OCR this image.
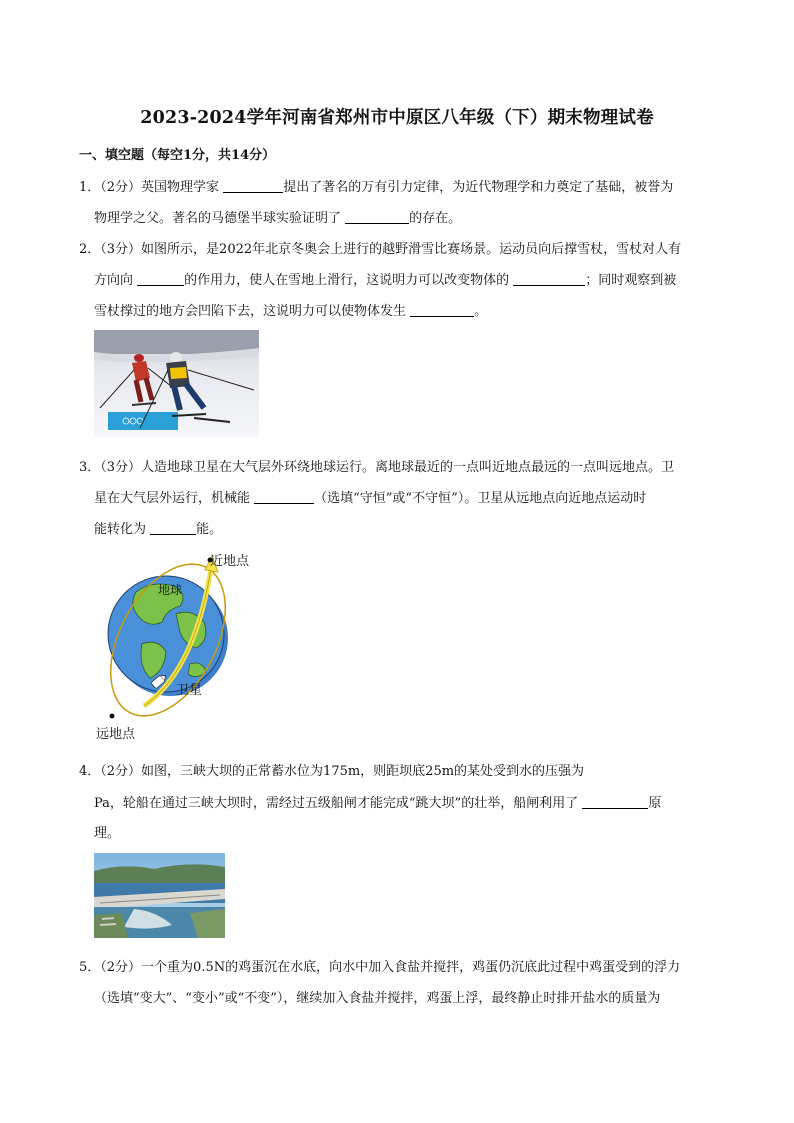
2023-2024学年河南省郑州市中原区八年级（下）期末物理试卷
一、填空题（每空1分，共14分）
1．（2分）英国物理学家	提出了著名的万有引力定律，为近代物理学和力奠定了基础，被誉为
物理学之父。著名的马德堡半球实验证明了	的存在。
2．（3分）如图所示，是2022年北京冬奥会上进行的越野滑雪比赛场景。运动员向后撑雪杖，雪杖对人有
方向向	的作用力，使人在雪地上滑行，这说明力可以改变物体的	；同时观察到被
雪杖撑过的地方会凹陷下去，这说明力可以使物体发生	。
3．（3分）人造地球卫星在大气层外环绕地球运行。离地球最近的一点叫近地点最远的一点叫远地点。卫
星在大气层外运行，机械能	（选填“守恒”或“不守恒”）。卫星从远地点向近地点运动时
能转化为	能。
近地点
地球
卫星
远地点
4．（2分）如图，三峡大坝的正常蓄水位为175m，则距坝底25m的某处受到水的压强为
Pa，轮船在通过三峡大坝时，需经过五级船闸才能完成“跳大坝”的壮举，船闸利用了	原
理。
5．（2分）一个重为0.5N的鸡蛋沉在水底，向水中加入食盐并搅拌，鸡蛋仍沉底此过程中鸡蛋受到的浮力
（选填“变大”、“变小”或“不变”），继续加入食盐并搅拌，鸡蛋上浮，最终静止时排开盐水的质量为
